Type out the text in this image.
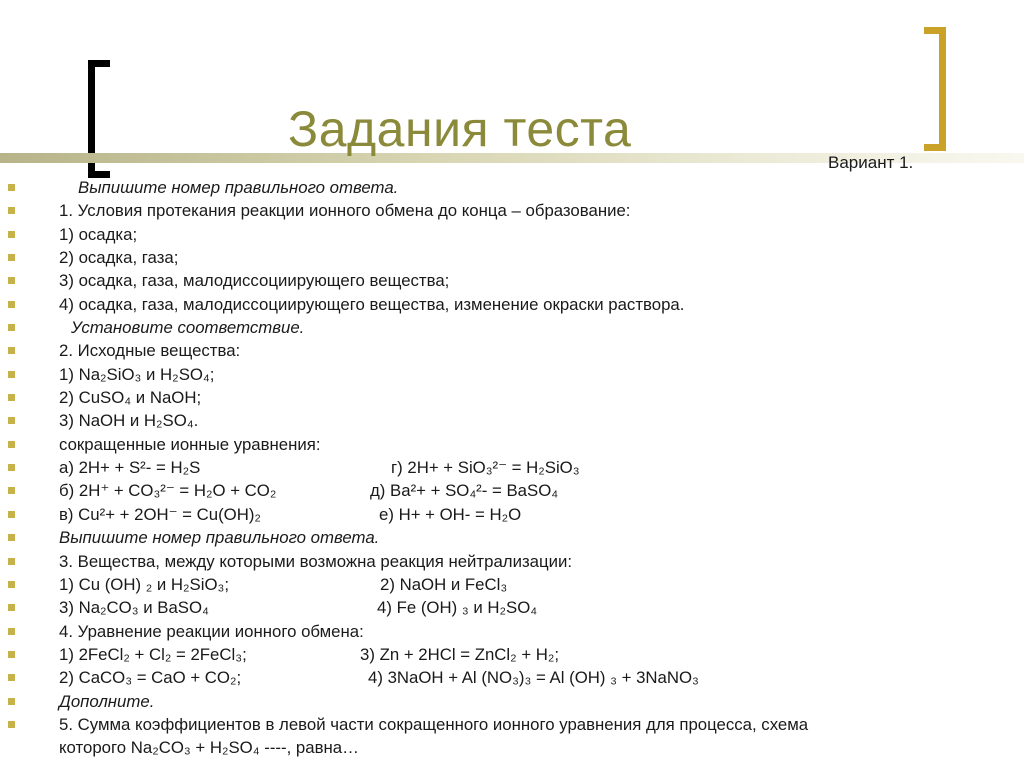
Задания теста
Вариант 1.
Выпишите номер правильного ответа.
1. Условия протекания реакции ионного обмена до конца – образование:
1) осадка;
2) осадка, газа;
3) осадка, газа, малодиссоциирующего вещества;
4) осадка, газа, малодиссоциирующего вещества, изменение окраски раствора.
Установите соответствие.
2. Исходные вещества:
1) Na₂SiO₃ и H₂SO₄;
2) CuSO₄ и NaOH;
3) NaOH и H₂SO₄.
сокращенные ионные уравнения:
а) 2H+ + S²- = H₂S	г) 2H+ + SiO₃²⁻ = H₂SiO₃
б) 2H⁺ + CO₃²⁻ = H₂O + CO₂	д) Ba²+ + SO₄²- = BaSO₄
в) Cu²+ + 2OH⁻ = Cu(OH)₂	е) H+ + OH- = H₂O
Выпишите номер правильного ответа.
3. Вещества, между которыми возможна реакция нейтрализации:
1) Cu (OH) ₂ и H₂SiO₃;	2) NaOH и FeCl₃
3) Na₂CO₃ и BaSO₄	4) Fe (OH) ₃ и H₂SO₄
4. Уравнение реакции ионного обмена:
1) 2FeCl₂ + Cl₂ = 2FeCl₃;	3) Zn + 2HCl = ZnCl₂ + H₂;
2) CaCO₃ = CaO + CO₂;	4) 3NaOH + Al (NO₃)₃ = Al (OH) ₃ + 3NaNO₃
Дополните.
5. Сумма коэффициентов в левой части сокращенного ионного уравнения для процесса, схема
которого Na₂CO₃ + H₂SO₄ ----, равна…
